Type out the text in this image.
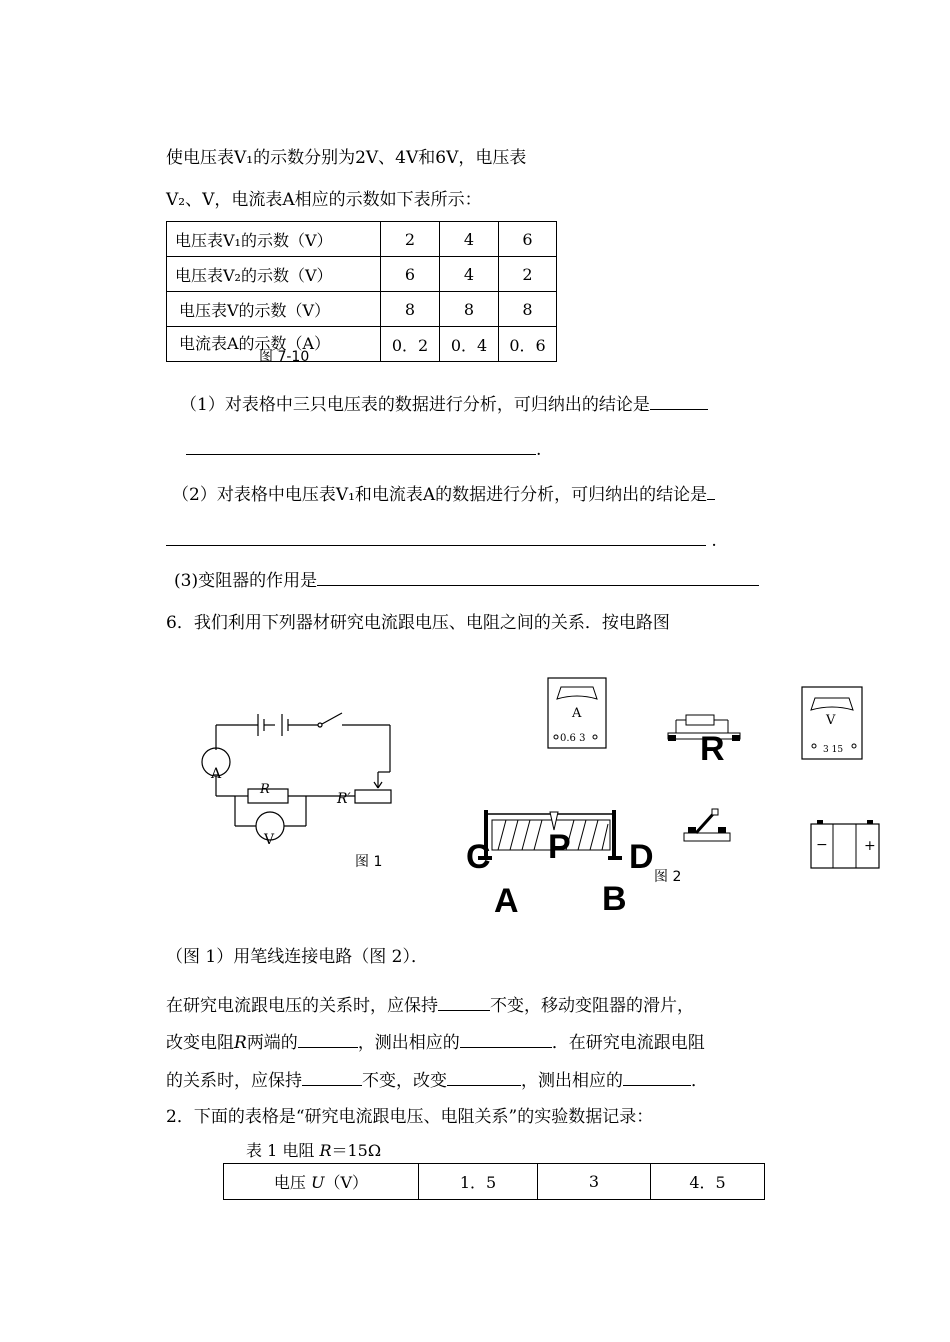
使电压表V₁的示数分别为2V、4V和6V，电压表
V₂、V，电流表A相应的示数如下表所示：
电压表V₁的示数（V）	2	4	6
电压表V₂的示数（V）	6	4	2
电压表V的示数（V）	8	8	8
电流表A的示数（A）	0．2	0．4	0．6
图 7-10
（1）对表格中三只电压表的数据进行分析，可归纳出的结论是
.
（2）对表格中电压表V₁和电流表A的数据进行分析，可归纳出的结论是
.
(3)变阻器的作用是
6．我们利用下列器材研究电流跟电压、电阻之间的关系．按电路图
A
V
R
R′
图 1
A
0.6 3	R
V
3 15
C P D
A B
图 2
−	+
（图 1）用笔线连接电路（图 2）．
在研究电流跟电压的关系时，应保持	不变，移动变阻器的滑片，
改变电阻R两端的	，测出相应的	．在研究电流跟电阻
的关系时，应保持	不变，改变	，测出相应的	．
2．下面的表格是“研究电流跟电压、电阻关系”的实验数据记录：
表 1 电阻 R＝15Ω
电压 U（V）	1．5	3	4．5
